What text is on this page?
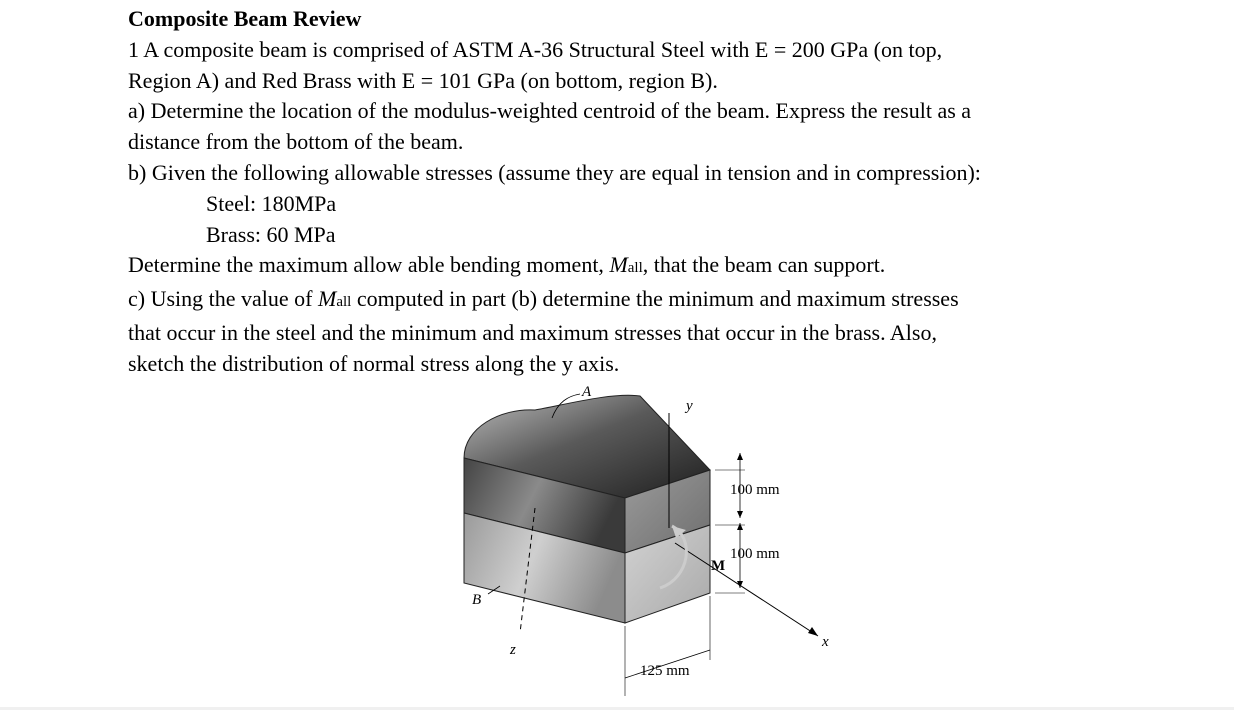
Composite Beam Review
1 A composite beam is comprised of ASTM A-36 Structural Steel with E = 200 GPa (on top,
Region A) and Red Brass with E = 101 GPa (on bottom, region B).
a) Determine the location of the modulus-weighted centroid of the beam. Express the result as a
distance from the bottom of the beam.
b) Given the following allowable stresses (assume they are equal in tension and in compression):
Steel: 180MPa
Brass: 60 MPa
Determine the maximum allow able bending moment, Mall, that the beam can support.
c) Using the value of Mall computed in part (b) determine the minimum and maximum stresses
that occur in the steel and the minimum and maximum stresses that occur in the brass. Also,
sketch the distribution of normal stress along the y axis.
A
B
y
z	x
M
100 mm
100 mm
125 mm
